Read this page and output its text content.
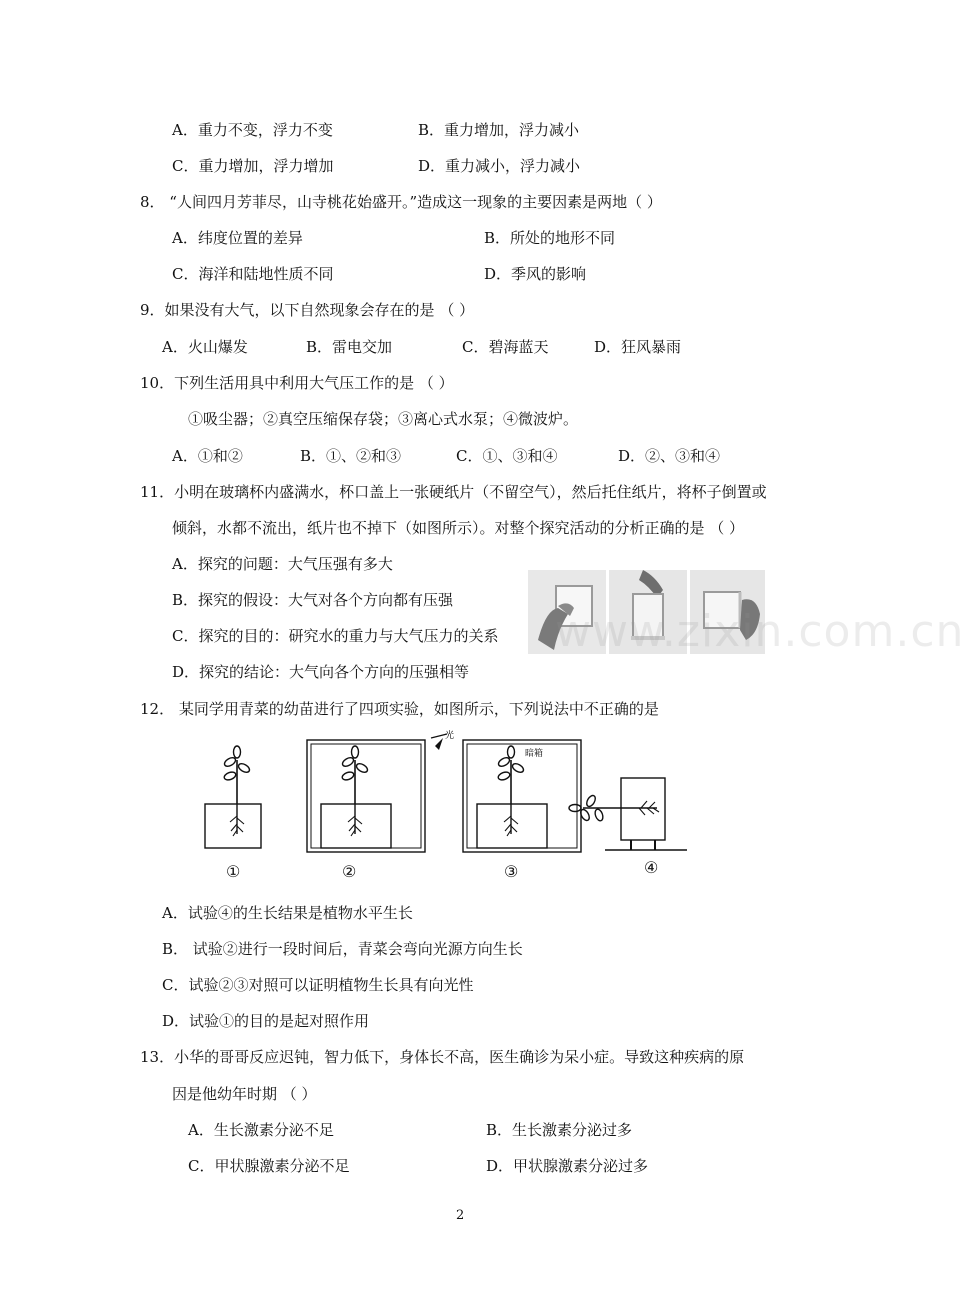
A．重力不变，浮力不变	B．重力增加，浮力减小
C．重力增加，浮力增加	D．重力减小，浮力减小
8． “人间四月芳菲尽，山寺桃花始盛开。”造成这一现象的主要因素是两地（ ）
A．纬度位置的差异	B．所处的地形不同
C．海洋和陆地性质不同	D．季风的影响
9．如果没有大气，以下自然现象会存在的是 （ ）
A．火山爆发	B．雷电交加	C．碧海蓝天	D．狂风暴雨
10．下列生活用具中利用大气压工作的是 （ ）
①吸尘器；②真空压缩保存袋；③离心式水泵；④微波炉。
A．①和②	B．①、②和③	C．①、③和④	D．②、③和④
11．小明在玻璃杯内盛满水，杯口盖上一张硬纸片（不留空气），然后托住纸片，将杯子倒置或
倾斜，水都不流出，纸片也不掉下（如图所示）。对整个探究活动的分析正确的是 （ ）
A．探究的问题：大气压强有多大
B．探究的假设：大气对各个方向都有压强
C．探究的目的：研究水的重力与大气压力的关系
D．探究的结论：大气向各个方向的压强相等
www.zixin.com.cn
12． 某同学用青菜的幼苗进行了四项实验，如图所示，下列说法中不正确的是
光
暗箱
①	②	③	④
A．试验④的生长结果是植物水平生长
B． 试验②进行一段时间后，青菜会弯向光源方向生长
C．试验②③对照可以证明植物生长具有向光性
D．试验①的目的是起对照作用
13．小华的哥哥反应迟钝，智力低下，身体长不高，医生确诊为呆小症。导致这种疾病的原
因是他幼年时期 （ ）
A．生长激素分泌不足	B．生长激素分泌过多
C．甲状腺激素分泌不足	D．甲状腺激素分泌过多
2
